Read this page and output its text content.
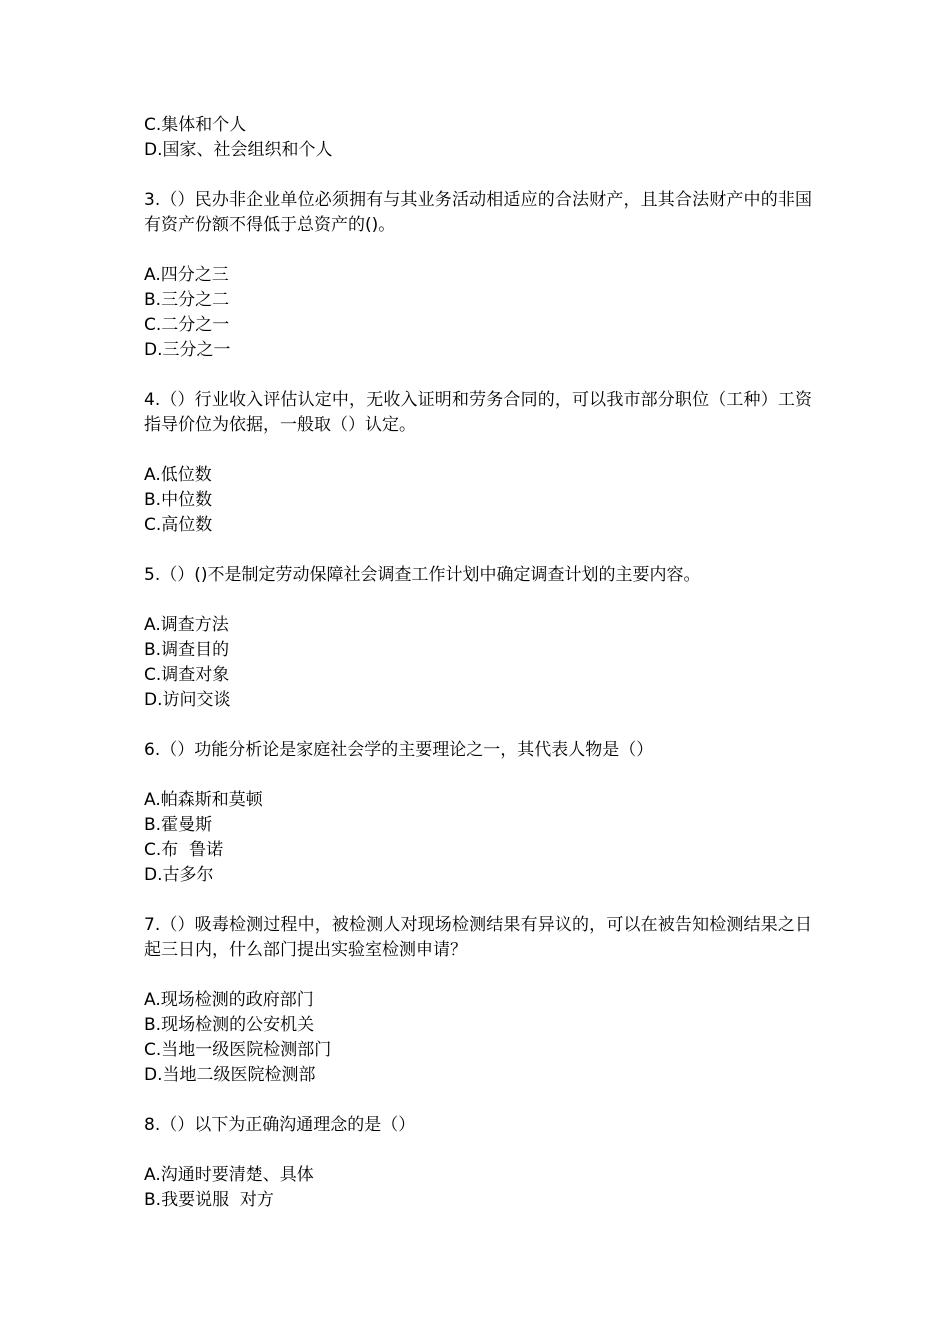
C.集体和个人
D.国家、社会组织和个人
3.（）民办非企业单位必须拥有与其业务活动相适应的合法财产，且其合法财产中的非国有资产份额不得低于总资产的()。
A.四分之三
B.三分之二
C.二分之一
D.三分之一
4.（）行业收入评估认定中，无收入证明和劳务合同的，可以我市部分职位（工种）工资指导价位为依据，一般取（）认定。
A.低位数
B.中位数
C.高位数
5.（）()不是制定劳动保障社会调查工作计划中确定调查计划的主要内容。
A.调查方法
B.调查目的
C.调查对象
D.访问交谈
6.（）功能分析论是家庭社会学的主要理论之一，其代表人物是（）
A.帕森斯和莫顿
B.霍曼斯
C.布  鲁诺
D.古多尔
7.（）吸毒检测过程中，被检测人对现场检测结果有异议的，可以在被告知检测结果之日起三日内，什么部门提出实验室检测申请？
A.现场检测的政府部门
B.现场检测的公安机关
C.当地一级医院检测部门
D.当地二级医院检测部
8.（）以下为正确沟通理念的是（）
A.沟通时要清楚、具体
B.我要说服  对方
